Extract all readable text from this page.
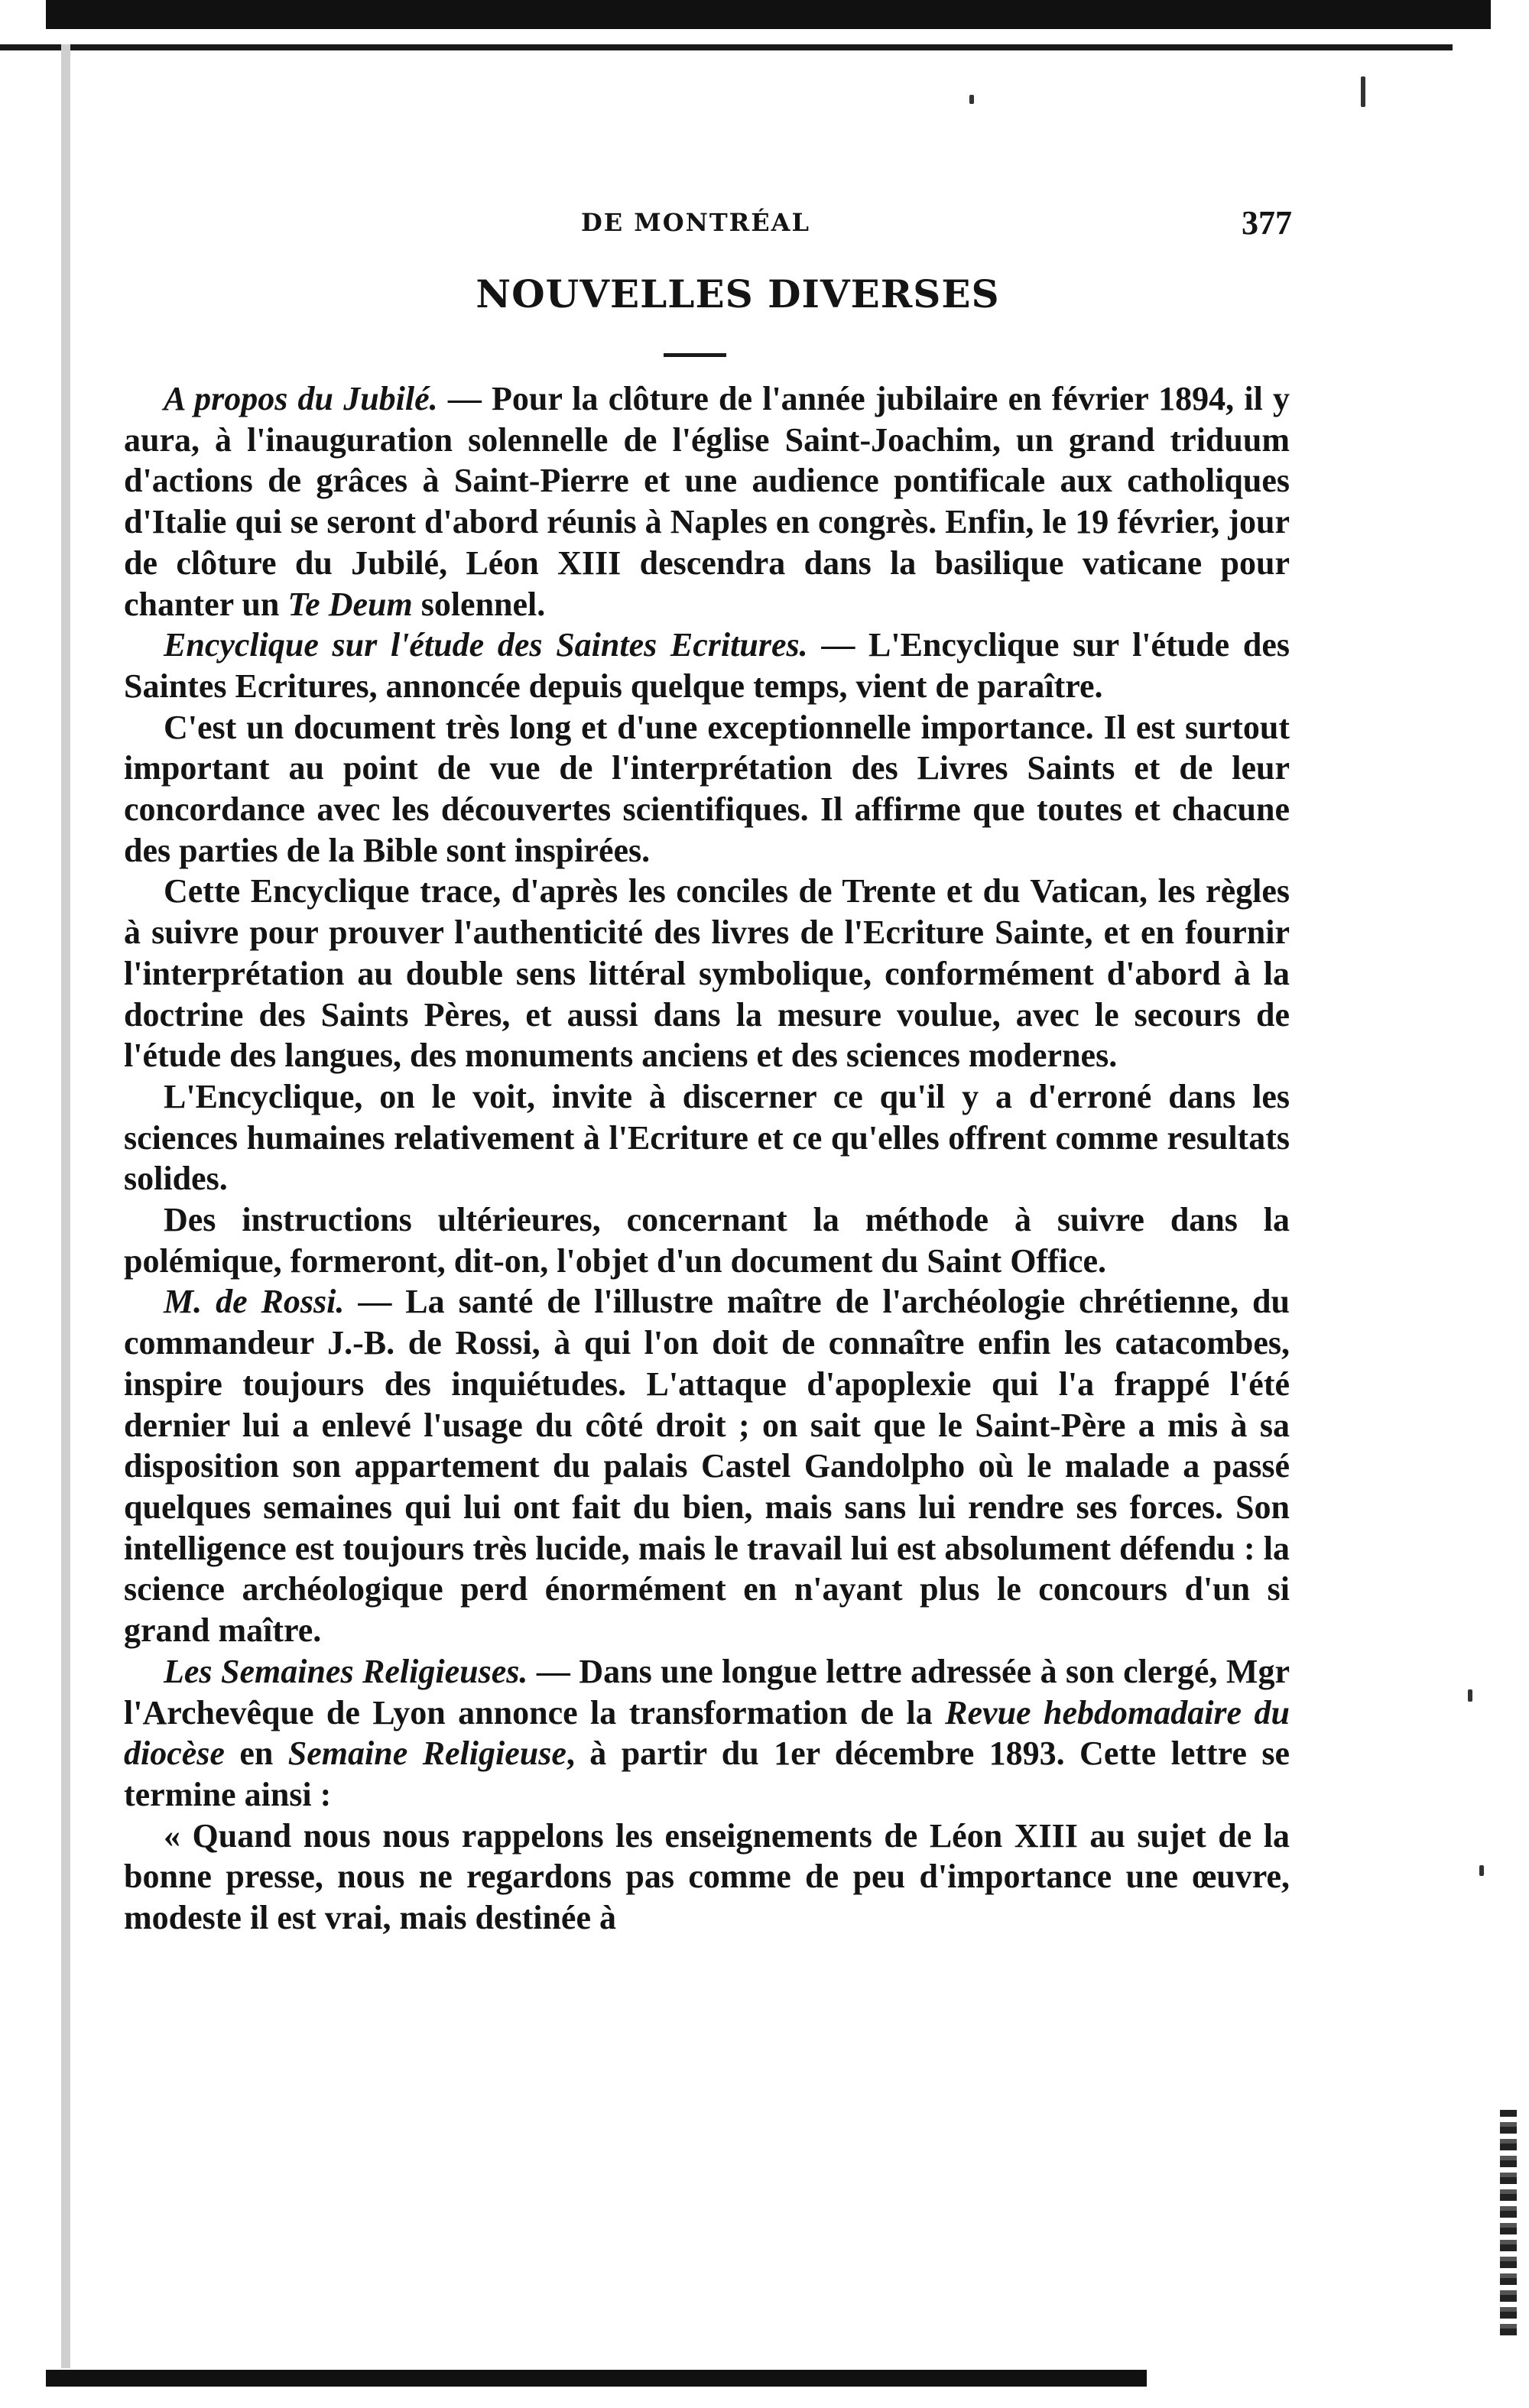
DE MONTRÉAL	377
NOUVELLES DIVERSES

A propos du Jubilé. — Pour la clôture de l'année jubilaire en février 1894, il y aura, à l'inauguration solennelle de l'église Saint-Joachim, un grand triduum d'actions de grâces à Saint-Pierre et une audience pontificale aux catholiques d'Italie qui se seront d'abord réunis à Naples en congrès. Enfin, le 19 février, jour de clôture du Jubilé, Léon XIII descendra dans la basilique vaticane pour chanter un Te Deum solennel.

Encyclique sur l'étude des Saintes Ecritures. — L'Encyclique sur l'étude des Saintes Ecritures, annoncée depuis quelque temps, vient de paraître.

C'est un document très long et d'une exceptionnelle importance. Il est surtout important au point de vue de l'interprétation des Livres Saints et de leur concordance avec les découvertes scientifiques. Il affirme que toutes et chacune des parties de la Bible sont inspirées.

Cette Encyclique trace, d'après les conciles de Trente et du Vatican, les règles à suivre pour prouver l'authenticité des livres de l'Ecriture Sainte, et en fournir l'interprétation au double sens littéral symbolique, conformément d'abord à la doctrine des Saints Pères, et aussi dans la mesure voulue, avec le secours de l'étude des langues, des monuments anciens et des sciences modernes.

L'Encyclique, on le voit, invite à discerner ce qu'il y a d'erroné dans les sciences humaines relativement à l'Ecriture et ce qu'elles offrent comme resultats solides.

Des instructions ultérieures, concernant la méthode à suivre dans la polémique, formeront, dit-on, l'objet d'un document du Saint Office.

M. de Rossi. — La santé de l'illustre maître de l'archéologie chrétienne, du commandeur J.-B. de Rossi, à qui l'on doit de connaître enfin les catacombes, inspire toujours des inquiétudes. L'attaque d'apoplexie qui l'a frappé l'été dernier lui a enlevé l'usage du côté droit ; on sait que le Saint-Père a mis à sa disposition son appartement du palais Castel Gandolpho où le malade a passé quelques semaines qui lui ont fait du bien, mais sans lui rendre ses forces. Son intelligence est toujours très lucide, mais le travail lui est absolument défendu : la science archéologique perd énormément en n'ayant plus le concours d'un si grand maître.

Les Semaines Religieuses. — Dans une longue lettre adressée à son clergé, Mgr l'Archevêque de Lyon annonce la transformation de la Revue hebdomadaire du diocèse en Semaine Religieuse, à partir du 1er décembre 1893. Cette lettre se termine ainsi :

« Quand nous nous rappelons les enseignements de Léon XIII au sujet de la bonne presse, nous ne regardons pas comme de peu d'importance une œuvre, modeste il est vrai, mais destinée à
